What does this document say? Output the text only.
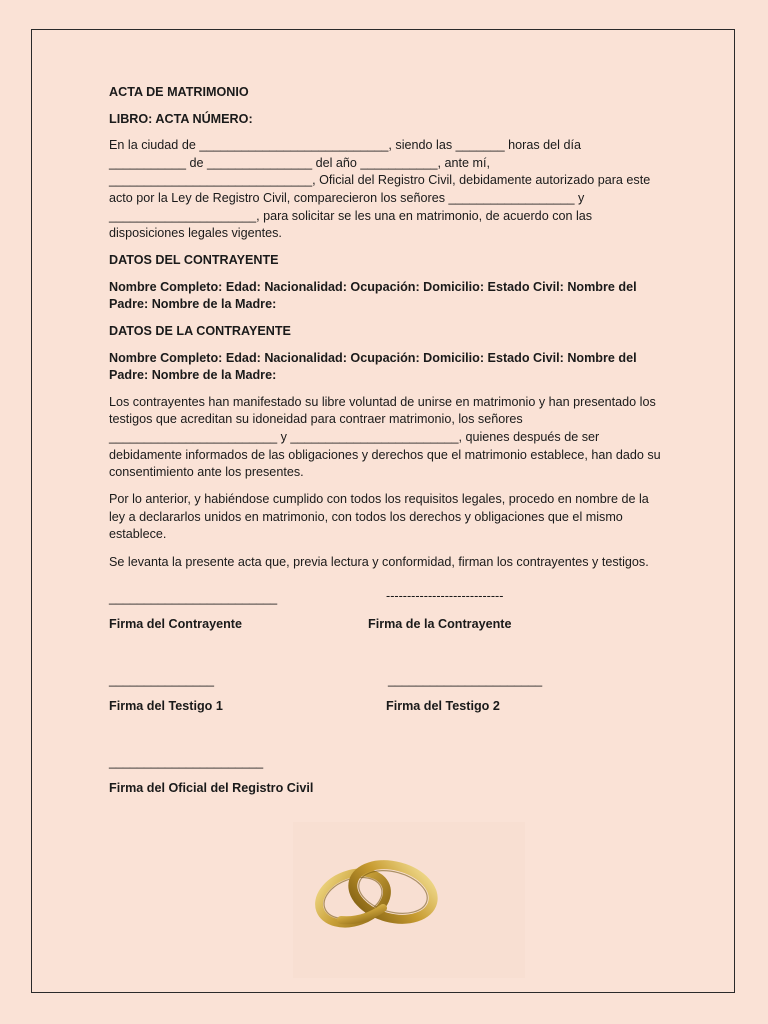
ACTA DE MATRIMONIO
LIBRO: ACTA NÚMERO:

En la ciudad de ___________________________, siendo las _______ horas del día ___________ de _______________ del año ___________, ante mí, _____________________________, Oficial del Registro Civil, debidamente autorizado para este acto por la Ley de Registro Civil, comparecieron los señores __________________ y _____________________, para solicitar se les una en matrimonio, de acuerdo con las disposiciones legales vigentes.

DATOS DEL CONTRAYENTE
Nombre Completo: Edad: Nacionalidad: Ocupación: Domicilio: Estado Civil: Nombre del Padre: Nombre de la Madre:
DATOS DE LA CONTRAYENTE
Nombre Completo: Edad: Nacionalidad: Ocupación: Domicilio: Estado Civil: Nombre del Padre: Nombre de la Madre:

Los contrayentes han manifestado su libre voluntad de unirse en matrimonio y han presentado los testigos que acreditan su idoneidad para contraer matrimonio, los señores ________________________ y ________________________, quienes después de ser debidamente informados de las obligaciones y derechos que el matrimonio establece, han dado su consentimiento ante los presentes.

Por lo anterior, y habiéndose cumplido con todos los requisitos legales, procedo en nombre de la ley a declararlos unidos en matrimonio, con todos los derechos y obligaciones que el mismo establece.

Se levanta la presente acta que, previa lectura y conformidad, firman los contrayentes y testigos.

________________________
Firma del Contrayente
----------------------------
Firma de la Contrayente
_______________
Firma del Testigo 1
______________________
Firma del Testigo 2
______________________
Firma del Oficial del Registro Civil
